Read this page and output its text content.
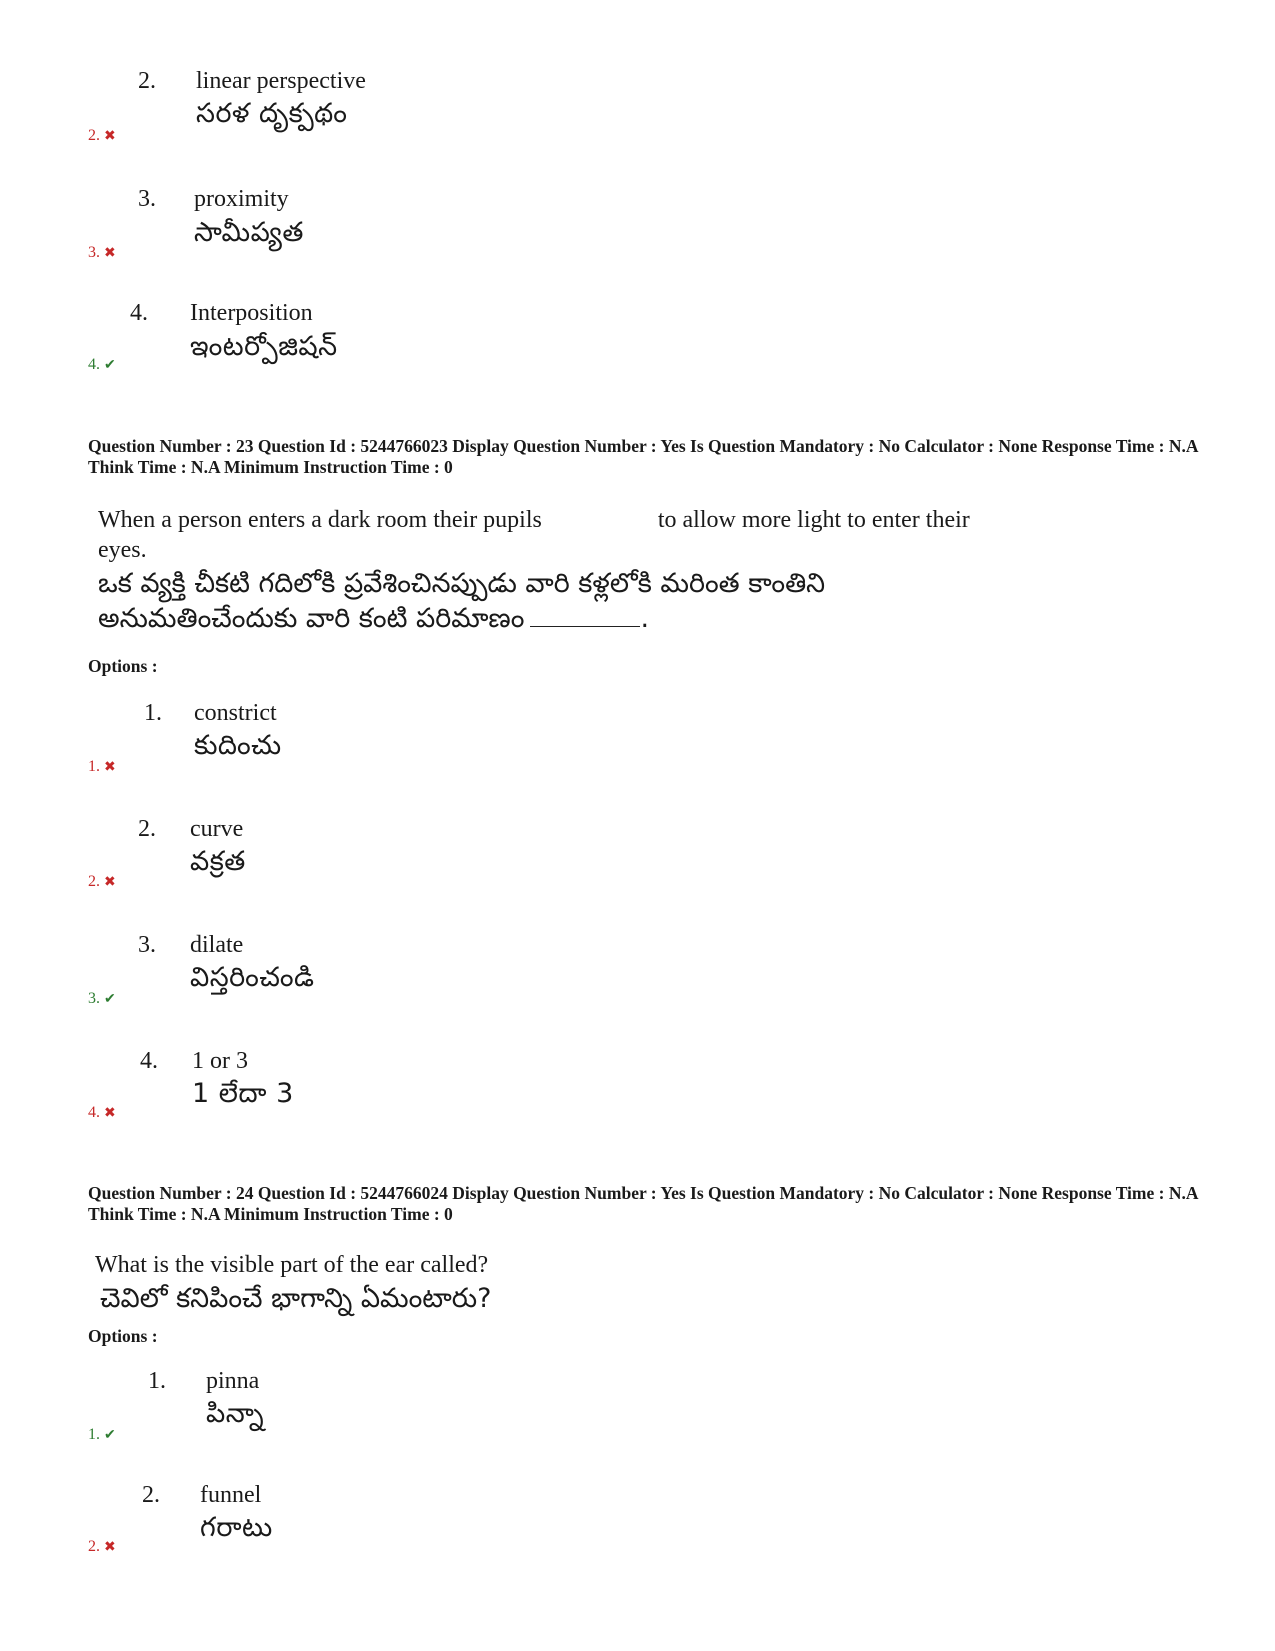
2. linear perspective
సరళ దృక్పథం
2. ✖
3. proximity
సామీప్యత
3. ✖
4. Interposition
ఇంటర్పోజిషన్
4. ✔
Question Number : 23 Question Id : 5244766023 Display Question Number : Yes Is Question Mandatory : No Calculator : None Response Time : N.A Think Time : N.A Minimum Instruction Time : 0
When a person enters a dark room their pupils	to allow more light to enter their
eyes.
ఒక వ్యక్తి చీకటి గదిలోకి ప్రవేశించినప్పుడు వారి కళ్లలోకి మరింత కాంతిని
అనుమతించేందుకు వారి కంటి పరిమాణం	.
Options :
1. constrict
కుదించు
1. ✖
2. curve
వక్రత
2. ✖
3. dilate
విస్తరించండి
3. ✔
4. 1 or 3
1 లేదా 3
4. ✖
Question Number : 24 Question Id : 5244766024 Display Question Number : Yes Is Question Mandatory : No Calculator : None Response Time : N.A Think Time : N.A Minimum Instruction Time : 0
What is the visible part of the ear called?
చెవిలో కనిపించే భాగాన్ని ఏమంటారు?
Options :
1. pinna
పిన్నా
1. ✔
2. funnel
గరాటు
2. ✖
